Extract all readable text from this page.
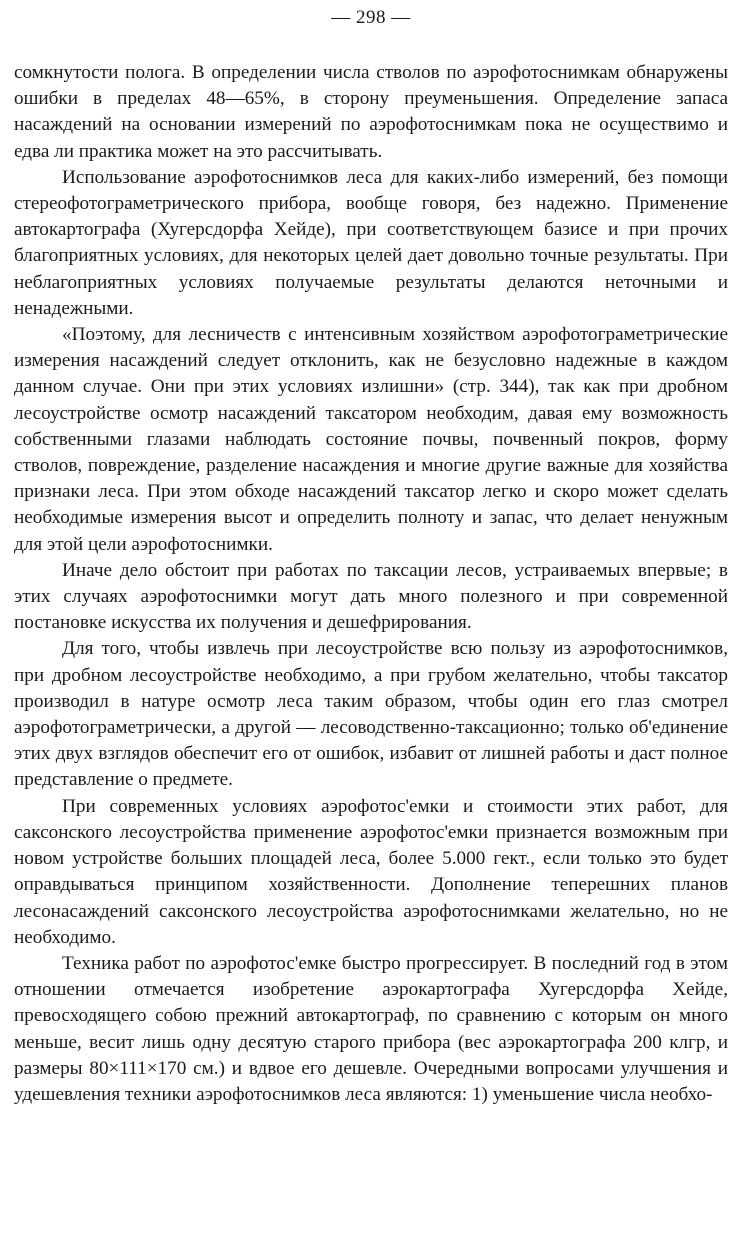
— 298 —

сомкнутости полога. В определении числа стволов по аэрофотоснимкам обнаружены ошибки в пределах 48—65%, в сторону преуменьшения. Определение запаса насаждений на основании измерений по аэрофотоснимкам пока не осуществимо и едва ли практика может на это рассчитывать.

Использование аэрофотоснимков леса для каких-либо измерений, без помощи стереофотограметрического прибора, вообще говоря, без надежно. Применение автокартографа (Хугерсдорфа Хейде), при соответствующем базисе и при прочих благоприятных условиях, для некоторых целей дает довольно точные результаты. При неблагоприятных условиях получаемые результаты делаются неточными и ненадежными.

«Поэтому, для лесничеств с интенсивным хозяйством аэрофотограметрические измерения насаждений следует отклонить, как не безусловно надежные в каждом данном случае. Они при этих условиях излишни» (стр. 344), так как при дробном лесоустройстве осмотр насаждений таксатором необходим, давая ему возможность собственными глазами наблюдать состояние почвы, почвенный покров, форму стволов, повреждение, разделение насаждения и многие другие важные для хозяйства признаки леса. При этом обходе насаждений таксатор легко и скоро может сделать необходимые измерения высот и определить полноту и запас, что делает ненужным для этой цели аэрофотоснимки.

Иначе дело обстоит при работах по таксации лесов, устраиваемых впервые; в этих случаях аэрофотоснимки могут дать много полезного и при современной постановке искусства их получения и дешефрирования.

Для того, чтобы извлечь при лесоустройстве всю пользу из аэрофотоснимков, при дробном лесоустройстве необходимо, а при грубом желательно, чтобы таксатор производил в натуре осмотр леса таким образом, чтобы один его глаз смотрел аэрофотограметрически, а другой — лесоводственно-таксационно; только об'единение этих двух взглядов обеспечит его от ошибок, избавит от лишней работы и даст полное представление о предмете.

При современных условиях аэрофотос'емки и стоимости этих работ, для саксонского лесоустройства применение аэрофотос'емки признается возможным при новом устройстве больших площадей леса, более 5.000 гект., если только это будет оправдываться принципом хозяйственности. Дополнение теперешних планов лесонасаждений саксонского лесоустройства аэрофотоснимками желательно, но не необходимо.

Техника работ по аэрофотос'емке быстро прогрессирует. В последний год в этом отношении отмечается изобретение аэрокартографа Хугерсдорфа Хейде, превосходящего собою прежний автокартограф, по сравнению с которым он много меньше, весит лишь одну десятую старого прибора (вес аэрокартографа 200 клгр, и размеры 80×111×170 см.) и вдвое его дешевле. Очередными вопросами улучшения и удешевления техники аэрофотоснимков леса являются: 1) уменьшение числа необхо-
